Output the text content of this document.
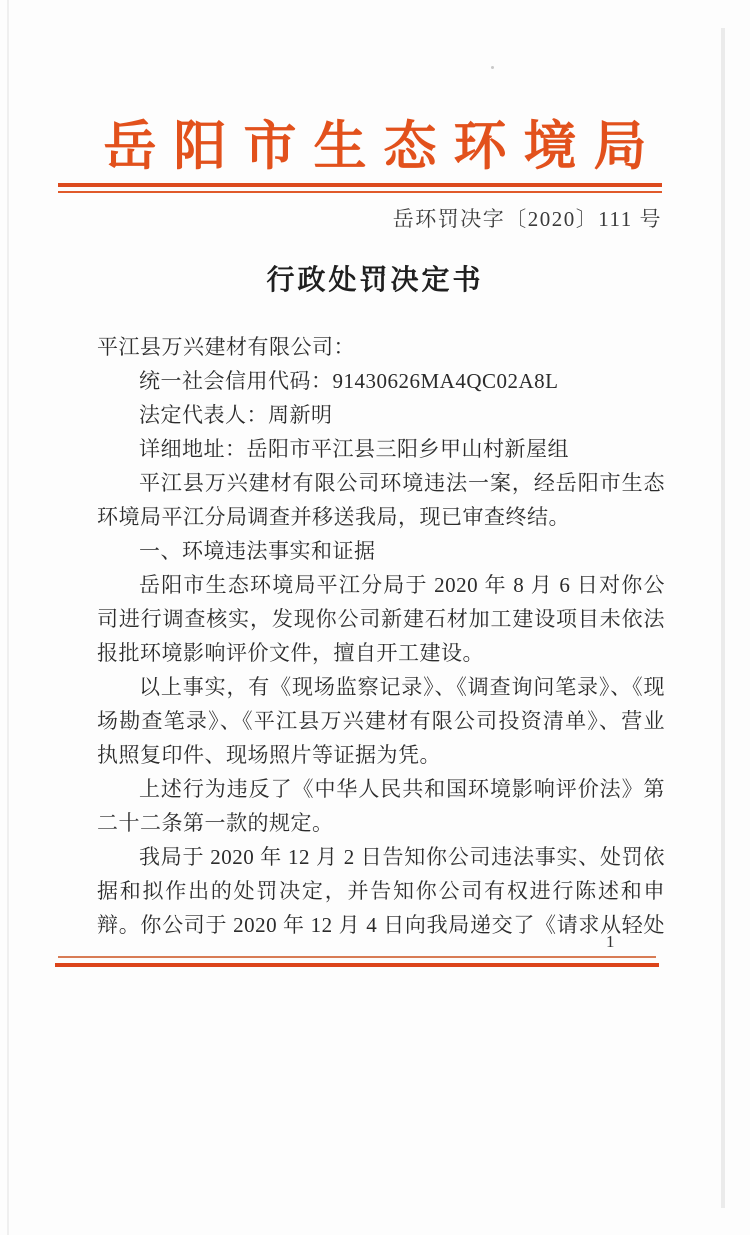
岳阳市生态环境局
岳环罚决字〔2020〕111 号
行政处罚决定书
平江县万兴建材有限公司：
统一社会信用代码：91430626MA4QC02A8L
法定代表人：周新明
详细地址：岳阳市平江县三阳乡甲山村新屋组
平江县万兴建材有限公司环境违法一案，经岳阳市生态
环境局平江分局调查并移送我局，现已审查终结。
一、环境违法事实和证据
岳阳市生态环境局平江分局于 2020 年 8 月 6 日对你公
司进行调查核实，发现你公司新建石材加工建设项目未依法
报批环境影响评价文件，擅自开工建设。
以上事实，有《现场监察记录》、《调查询问笔录》、《现
场勘查笔录》、《平江县万兴建材有限公司投资清单》、营业
执照复印件、现场照片等证据为凭。
上述行为违反了《中华人民共和国环境影响评价法》第
二十二条第一款的规定。
我局于 2020 年 12 月 2 日告知你公司违法事实、处罚依
据和拟作出的处罚决定，并告知你公司有权进行陈述和申
辩。你公司于 2020 年 12 月 4 日向我局递交了《请求从轻处
1
